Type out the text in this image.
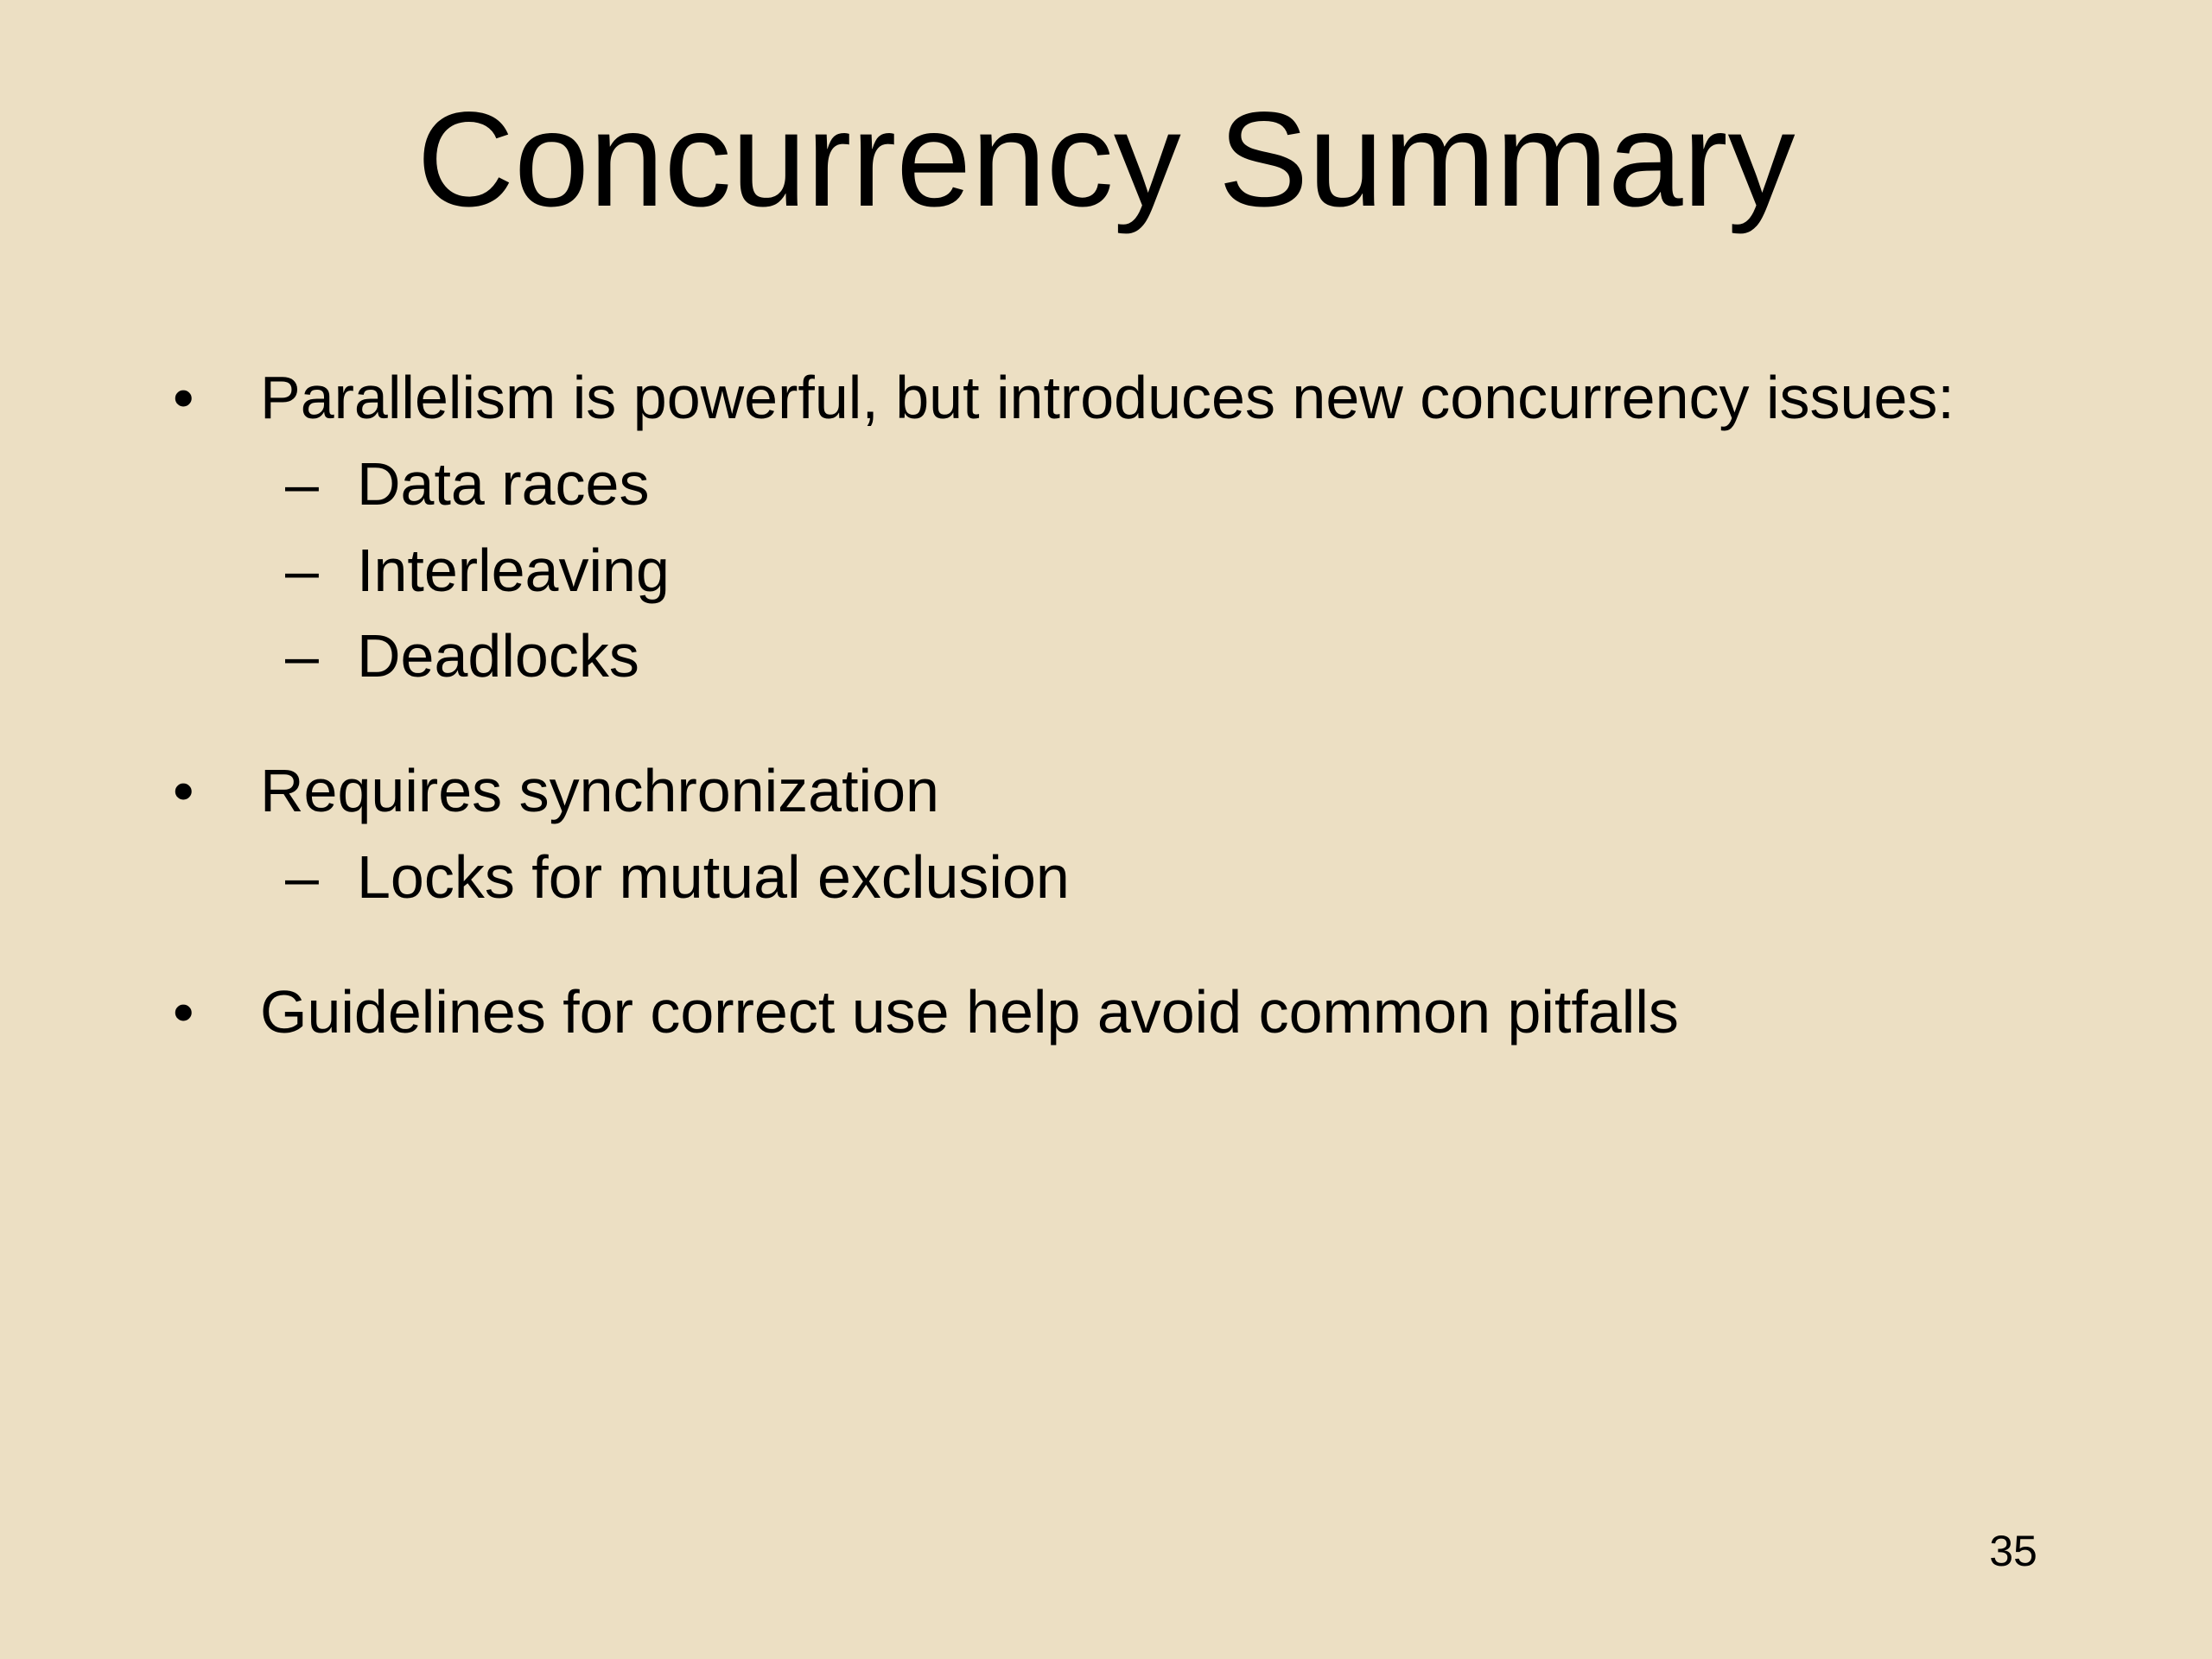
Concurrency Summary
• Parallelism is powerful, but introduces new concurrency issues:
– Data races
– Interleaving
– Deadlocks
• Requires synchronization
– Locks for mutual exclusion
• Guidelines for correct use help avoid common pitfalls
35
